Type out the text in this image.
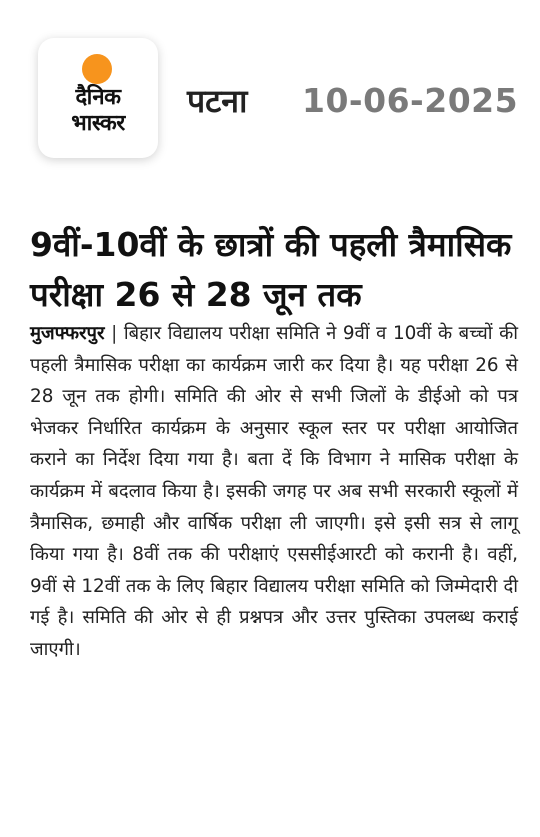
दैनिक
भास्कर
पटना 10-06-2025
9वीं-10वीं के छात्रों की पहली त्रैमासिक परीक्षा 26 से 28 जून तक

मुजफ्फरपुर | बिहार विद्यालय परीक्षा समिति ने 9वीं व 10वीं के बच्चों की पहली त्रैमासिक परीक्षा का कार्यक्रम जारी कर दिया है। यह परीक्षा 26 से 28 जून तक होगी। समिति की ओर से सभी जिलों के डीईओ को पत्र भेजकर निर्धारित कार्यक्रम के अनुसार स्कूल स्तर पर परीक्षा आयोजित कराने का निर्देश दिया गया है। बता दें कि विभाग ने मासिक परीक्षा के कार्यक्रम में बदलाव किया है। इसकी जगह पर अब सभी सरकारी स्कूलों में त्रैमासिक, छमाही और वार्षिक परीक्षा ली जाएगी। इसे इसी सत्र से लागू किया गया है। 8वीं तक की परीक्षाएं एससीईआरटी को करानी है। वहीं, 9वीं से 12वीं तक के लिए बिहार विद्यालय परीक्षा समिति को जिम्मेदारी दी गई है। समिति की ओर से ही प्रश्नपत्र और उत्तर पुस्तिका उपलब्ध कराई जाएगी।
